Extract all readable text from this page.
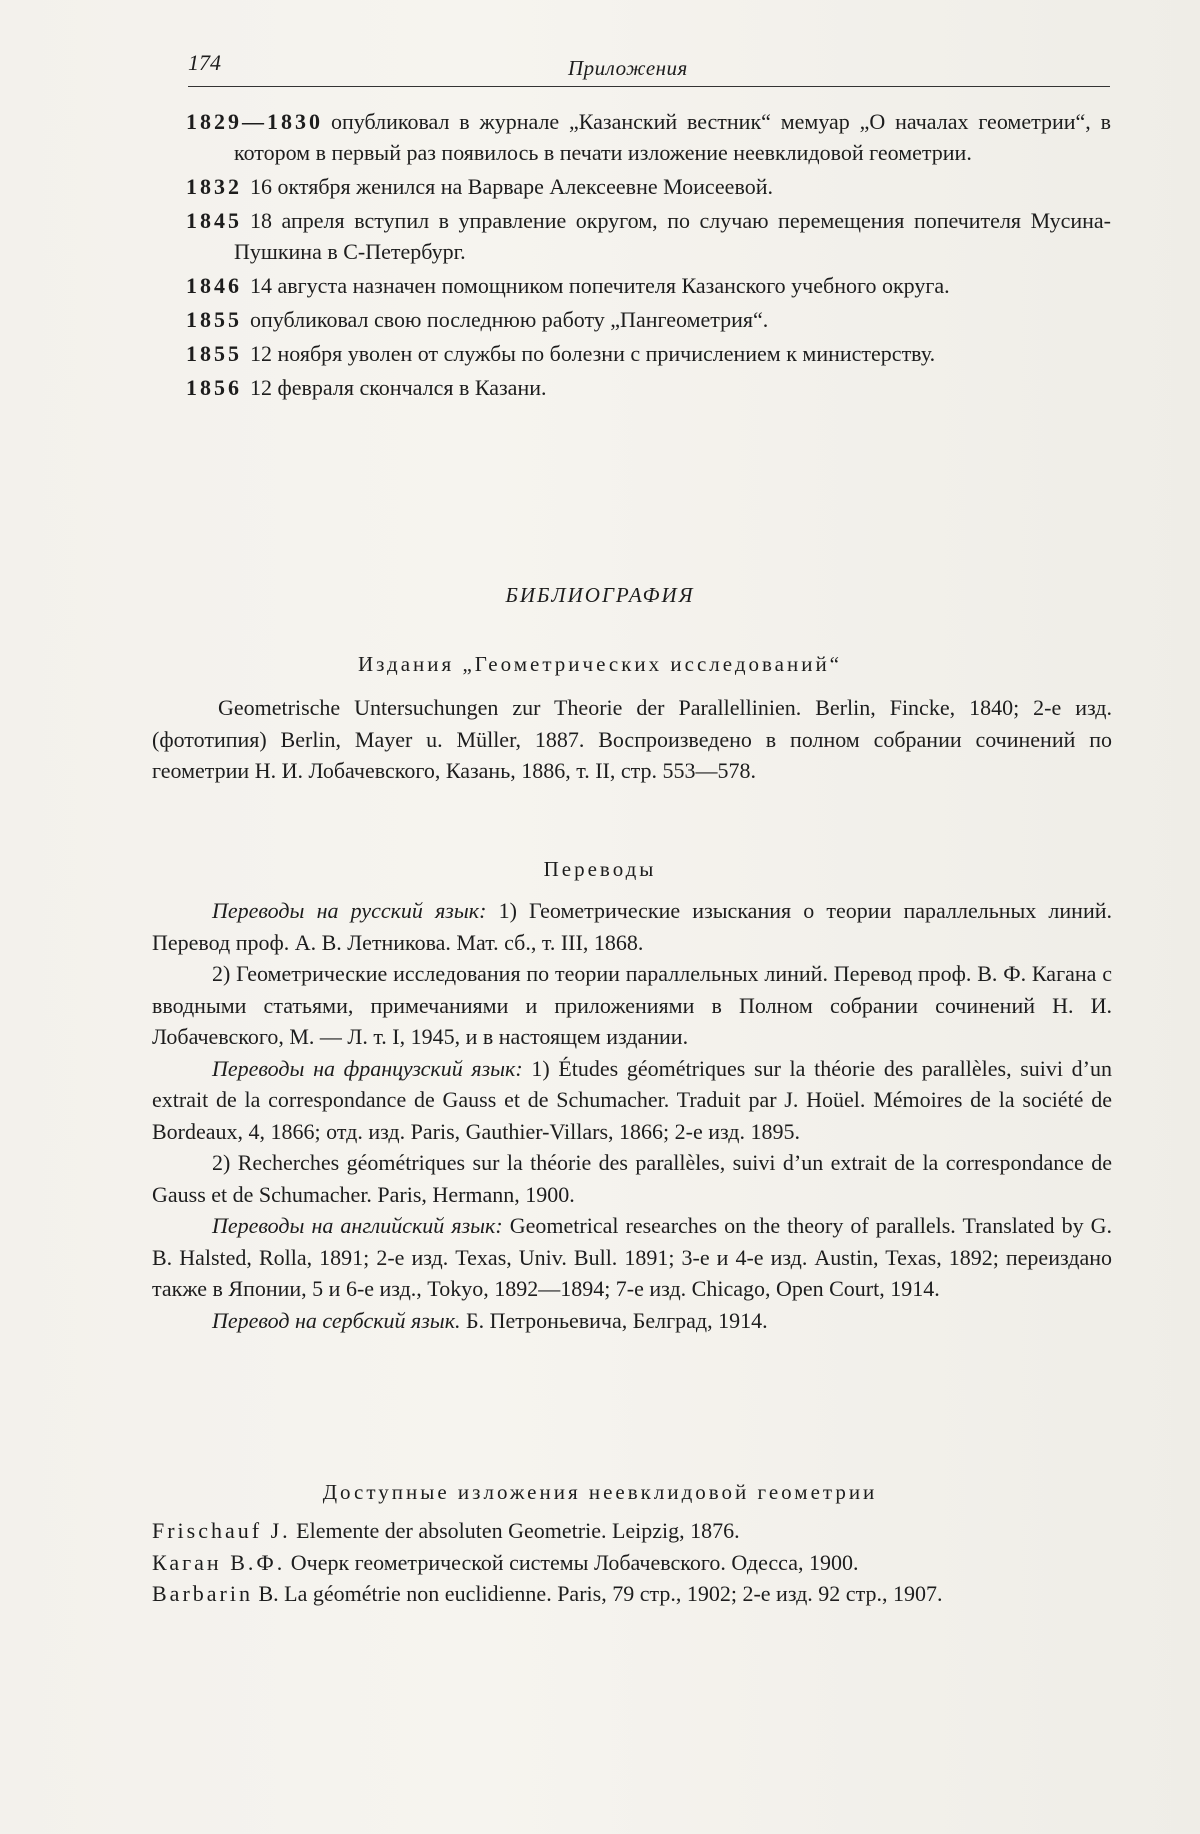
174	Приложения

1829—1830 опубликовал в журнале „Казанский вестник“ мемуар „О началах геометрии“, в котором в первый раз появилось в печати изложение неевклидовой геометрии.

1832 16 октября женился на Варваре Алексеевне Моисеевой.

1845 18 апреля вступил в управление округом, по случаю перемещения попечителя Мусина-Пушкина в С-Петербург.

1846 14 августа назначен помощником попечителя Казанского учебного округа.

1855 опубликовал свою последнюю работу „Пангеометрия“.

1855 12 ноября уволен от службы по болезни с причислением к министерству.

1856 12 февраля скончался в Казани.

БИБЛИОГРАФИЯ
Издания „Геометрических исследований“

Geometrische Untersuchungen zur Theorie der Parallellinien. Berlin, Fincke, 1840; 2-е изд. (фототипия) Berlin, Mayer u. Müller, 1887. Воспроизведено в полном собрании сочинений по геометрии Н. И. Лобачевского, Казань, 1886, т. II, стр. 553—578.

Переводы

Переводы на русский язык: 1) Геометрические изыскания о теории параллельных линий. Перевод проф. А. В. Летникова. Мат. сб., т. III, 1868.

2) Геометрические исследования по теории параллельных линий. Перевод проф. В. Ф. Кагана с вводными статьями, примечаниями и приложениями в Полном собрании сочинений Н. И. Лобачевского, М. — Л. т. I, 1945, и в настоящем издании.

Переводы на французский язык: 1) Études géométriques sur la théorie des parallèles, suivi d’un extrait de la correspondance de Gauss et de Schumacher. Traduit par J. Hoüel. Mémoires de la société de Bordeaux, 4, 1866; отд. изд. Paris, Gauthier-Villars, 1866; 2-е изд. 1895.

2) Recherches géométriques sur la théorie des parallèles, suivi d’un extrait de la correspondance de Gauss et de Schumacher. Paris, Hermann, 1900.

Переводы на английский язык: Geometrical researches on the theory of parallels. Translated by G. B. Halsted, Rolla, 1891; 2-е изд. Texas, Univ. Bull. 1891; 3-е и 4-е изд. Austin, Texas, 1892; переиздано также в Японии, 5 и 6-е изд., Tokyo, 1892—1894; 7-е изд. Chicago, Open Court, 1914.

Перевод на сербский язык. Б. Петроньевича, Белград, 1914.

Доступные изложения неевклидовой геометрии

Frischauf J. Elemente der absoluten Geometrie. Leipzig, 1876.

Каган В.Ф. Очерк геометрической системы Лобачевского. Одесса, 1900.

Barbarin B. La géométrie non euclidienne. Paris, 79 стр., 1902; 2-е изд. 92 стр., 1907.
